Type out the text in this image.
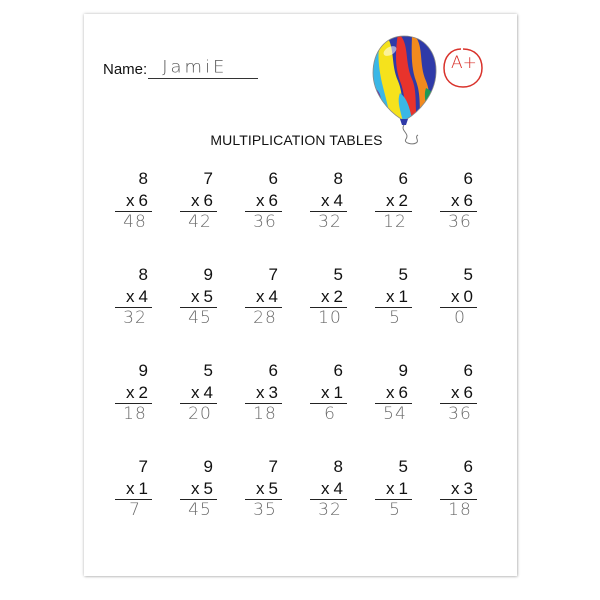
Name: JamiE	A+
MULTIPLICATION TABLES
8
x 6
48
7
x 6
42
6
x 6
36
8
x 4
32
6
x 2
12
6
x 6
36
8
x 4
32
9
x 5
45
7
x 4
28
5
x 2
10
5
x 1
5
5
x 0
0
9
x 2
18
5
x 4
20
6
x 3
18
6
x 1
6
9
x 6
54
6
x 6
36
7
x 1
7
9
x 5
45
7
x 5
35
8
x 4
32
5
x 1
5
6
x 3
18
